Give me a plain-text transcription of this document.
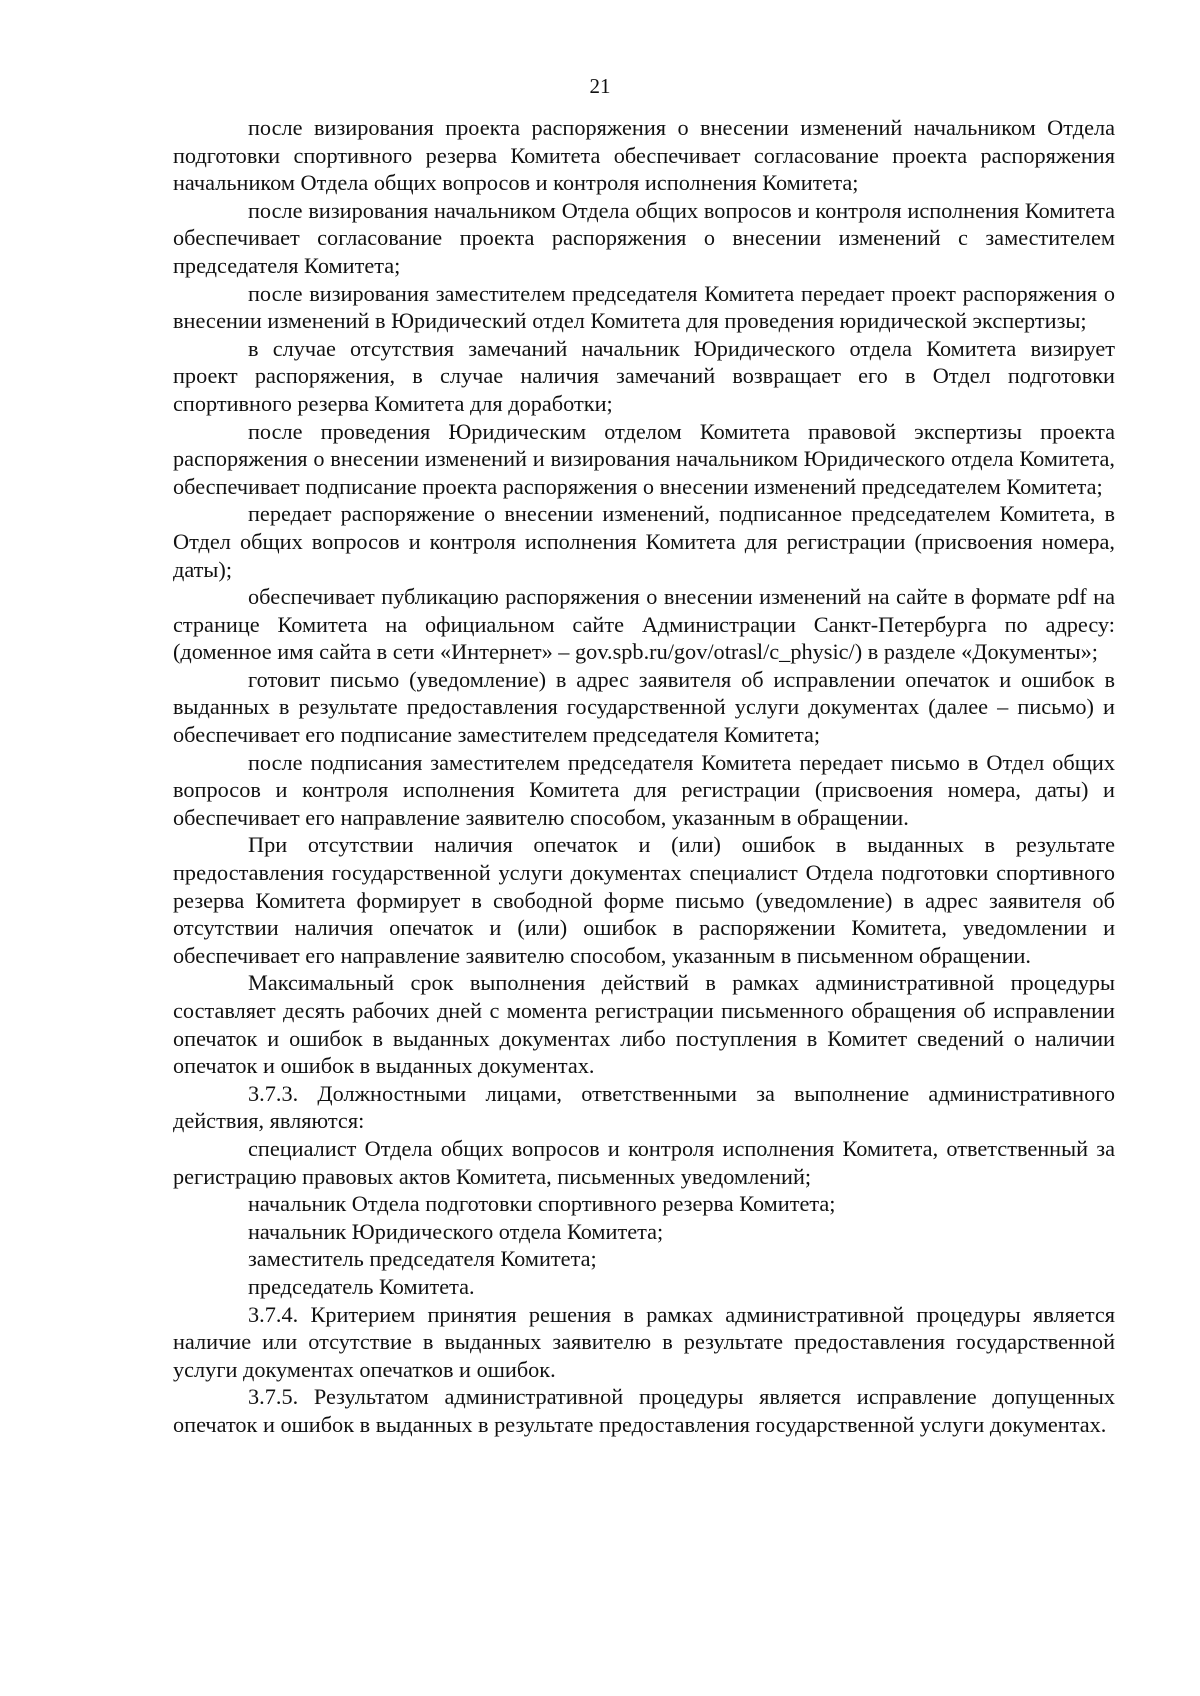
21

после визирования проекта распоряжения о внесении изменений начальником Отдела подготовки спортивного резерва Комитета обеспечивает согласование проекта распоряжения начальником Отдела общих вопросов и контроля исполнения Комитета;

после визирования начальником Отдела общих вопросов и контроля исполнения Комитета обеспечивает согласование проекта распоряжения о внесении изменений с заместителем председателя Комитета;

после визирования заместителем председателя Комитета передает проект распоряжения о внесении изменений в Юридический отдел Комитета для проведения юридической экспертизы;

в случае отсутствия замечаний начальник Юридического отдела Комитета визирует проект распоряжения, в случае наличия замечаний возвращает его в Отдел подготовки спортивного резерва Комитета для доработки;

после проведения Юридическим отделом Комитета правовой экспертизы проекта распоряжения о внесении изменений и визирования начальником Юридического отдела Комитета, обеспечивает подписание проекта распоряжения о внесении изменений председателем Комитета;

передает распоряжение о внесении изменений, подписанное председателем Комитета, в Отдел общих вопросов и контроля исполнения Комитета для регистрации (присвоения номера, даты);

обеспечивает публикацию распоряжения о внесении изменений на сайте в формате pdf на странице Комитета на официальном сайте Администрации Санкт-Петербурга по адресу: (доменное имя сайта в сети «Интернет» – gov.spb.ru/gov/otrasl/c_physic/) в разделе «Документы»;

готовит письмо (уведомление) в адрес заявителя об исправлении опечаток и ошибок в выданных в результате предоставления государственной услуги документах (далее – письмо) и обеспечивает его подписание заместителем председателя Комитета;

после подписания заместителем председателя Комитета передает письмо в Отдел общих вопросов и контроля исполнения Комитета для регистрации (присвоения номера, даты) и обеспечивает его направление заявителю способом, указанным в обращении.

При отсутствии наличия опечаток и (или) ошибок в выданных в результате предоставления государственной услуги документах специалист Отдела подготовки спортивного резерва Комитета формирует в свободной форме письмо (уведомление) в адрес заявителя об отсутствии наличия опечаток и (или) ошибок в распоряжении Комитета, уведомлении и обеспечивает его направление заявителю способом, указанным в письменном обращении.

Максимальный срок выполнения действий в рамках административной процедуры составляет десять рабочих дней с момента регистрации письменного обращения об исправлении опечаток и ошибок в выданных документах либо поступления в Комитет сведений о наличии опечаток и ошибок в выданных документах.

3.7.3. Должностными лицами, ответственными за выполнение административного действия, являются:

специалист Отдела общих вопросов и контроля исполнения Комитета, ответственный за регистрацию правовых актов Комитета, письменных уведомлений;

начальник Отдела подготовки спортивного резерва Комитета;

начальник Юридического отдела Комитета;

заместитель председателя Комитета;

председатель Комитета.

3.7.4. Критерием принятия решения в рамках административной процедуры является наличие или отсутствие в выданных заявителю в результате предоставления государственной услуги документах опечатков и ошибок.

3.7.5. Результатом административной процедуры является исправление допущенных опечаток и ошибок в выданных в результате предоставления государственной услуги документах.
